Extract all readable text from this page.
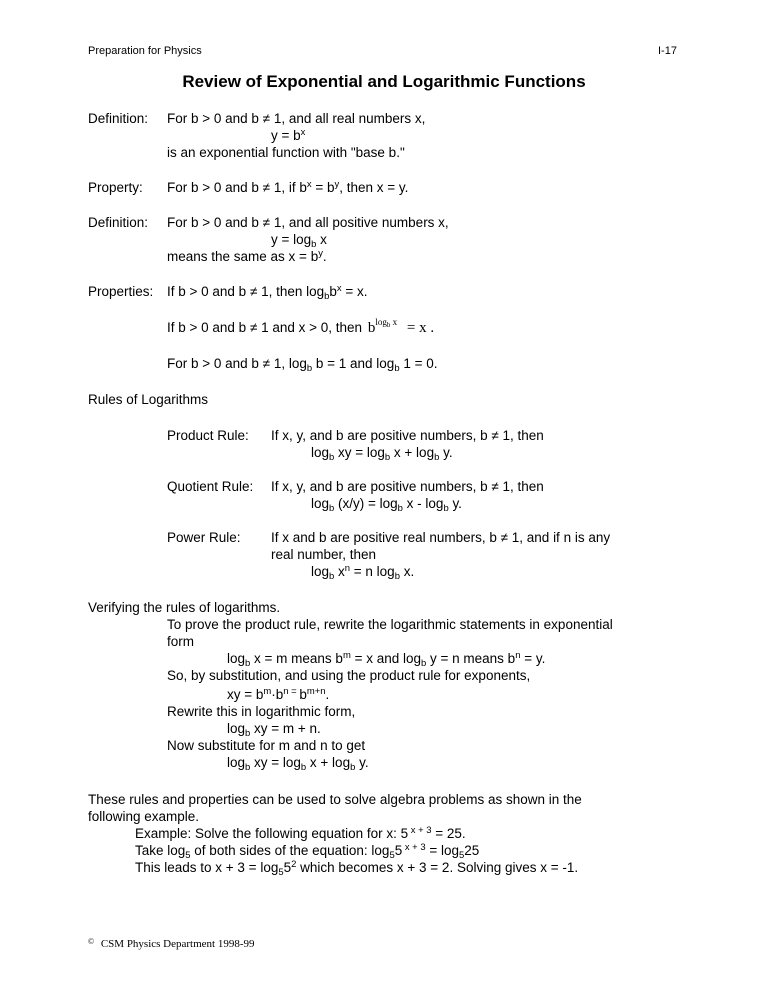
Preparation for Physics	I-17
Review of Exponential and Logarithmic Functions
Definition: For b > 0 and b ≠ 1, and all real numbers x,
$y = b^x$
is an exponential function with "base b."
Property: For b > 0 and b ≠ 1, if $b^x = b^y$, then x = y.
Definition: For b > 0 and b ≠ 1, and all positive numbers x,
$y = \log_b x$
means the same as $x = b^y$.
Properties: If b > 0 and b ≠ 1, then $\log_bb^x = x$.
If b > 0 and b ≠ 1 and x > 0, then $b^{log_b x} = x$ .
For b > 0 and b ≠ 1, $\log_b b = 1$ and $\log_b 1 = 0$.
Rules of Logarithms
Product Rule: If x, y, and b are positive numbers, b ≠ 1, then
$\log_b$ xy = $\log_b x + \log_b y$.
Quotient Rule: If x, y, and b are positive numbers, b ≠ 1, then
$\log_b (x/y) = \log_b x - \log_b y$.
Power Rule: If x and b are positive real numbers, b ≠ 1, and if n is any
real number, then
$\log_b x^n = n$ $\log_b x$.
Verifying the rules of logarithms.
To prove the product rule, rewrite the logarithmic statements in exponential
form
$\log_b x = m$ means $b^m = x$ and $\log_b y = n$ means $b^n = y$.
So, by substitution, and using the product rule for exponents,
xy = $b^m\cdot b^{n =}$ $b^{m+n}$.
Rewrite this in logarithmic form,
$\log_b$ xy = m + n.
Now substitute for m and n to get
$\log_b$ xy = $\log_b x + \log_b y$.
These rules and properties can be used to solve algebra problems as shown in the
following example.
Example: Solve the following equation for x: 5 $^{x + 3}$ = 25.
Take $\log_5$ of both sides of the equation: $\log_55$ $^{x + 3} = \log_525$
This leads to $x + 3 = \log_55^2$ which becomes x + 3 = 2. Solving gives x = -1.
© CSM Physics Department 1998-99
